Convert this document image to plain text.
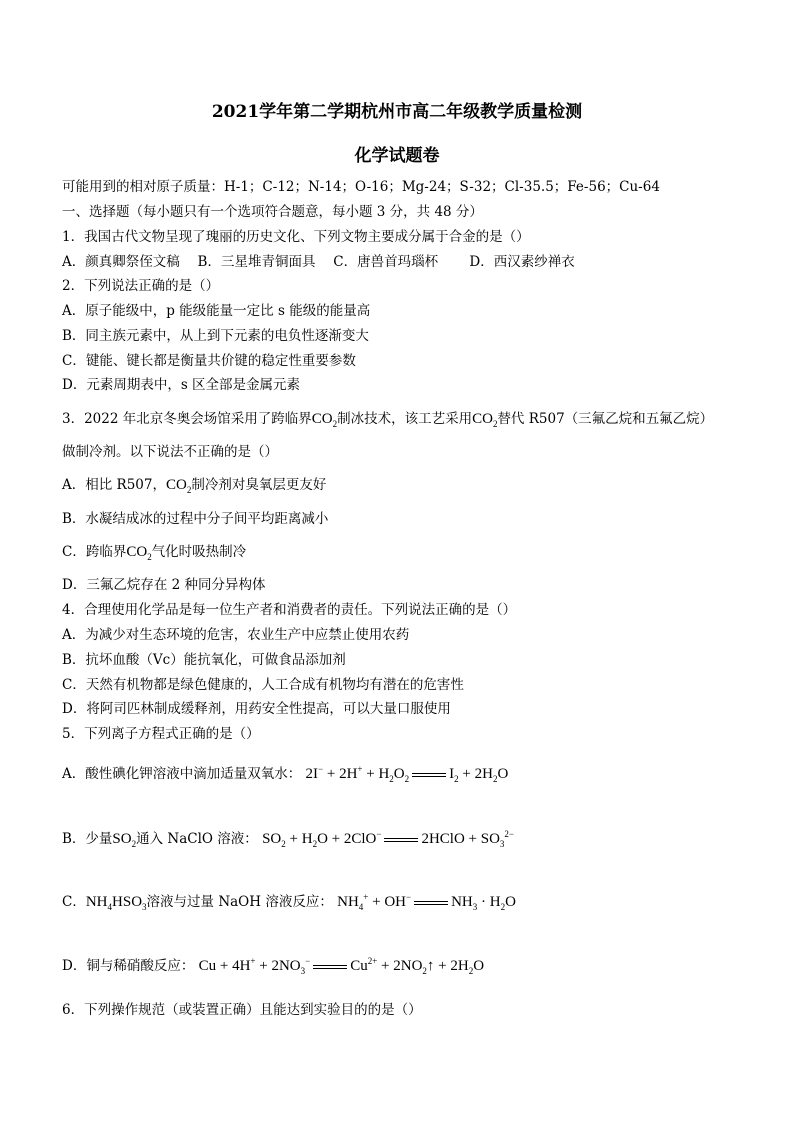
2021学年第二学期杭州市高二年级教学质量检测
化学试题卷
可能用到的相对原子质量：H-1；C-12；N-14；O-16；Mg-24；S-32；Cl-35.5；Fe-56；Cu-64
一、选择题（每小题只有一个选项符合题意，每小题 3 分，共 48 分）
1．我国古代文物呈现了瑰丽的历史文化、下列文物主要成分属于合金的是（）
A．颜真卿祭侄文稿　 B．三星堆青铜面具　 C．唐兽首玛瑙杯　　 D．西汉素纱禅衣
2．下列说法正确的是（）
A．原子能级中，p 能级能量一定比 s 能级的能量高
B．同主族元素中，从上到下元素的电负性逐渐变大
C．键能、键长都是衡量共价键的稳定性重要参数
D．元素周期表中，s 区全部是金属元素
3．2022 年北京冬奥会场馆采用了跨临界$CO_2$制冰技术，该工艺采用$CO_2$替代 R507（三氟乙烷和五氟乙烷）
做制冷剂。以下说法不正确的是（）
A．相比 R507，$CO_2$制冷剂对臭氧层更友好
B．水凝结成冰的过程中分子间平均距离减小
C．跨临界$CO_2$气化时吸热制冷
D．三氟乙烷存在 2 种同分异构体
4．合理使用化学品是每一位生产者和消费者的责任。下列说法正确的是（）
A．为减少对生态环境的危害，农业生产中应禁止使用农药
B．抗坏血酸（Vc）能抗氧化，可做食品添加剂
C．天然有机物都是绿色健康的，人工合成有机物均有潜在的危害性
D．将阿司匹林制成缓释剂，用药安全性提高，可以大量口服使用
5．下列离子方程式正确的是（）
A．酸性碘化钾溶液中滴加适量双氧水： $2I^- + 2H^+ + H_2O_2$	$I_2 + 2H_2O$
B．少量$SO_2$通入 NaClO 溶液： $SO_2 + H_2O + 2ClO^-$	2HClO + $SO_3^{2-}$
C．$NH_4HSO_3$溶液与过量 NaOH 溶液反应： $NH_4^+ + OH^-$	$NH_3 \cdot H_2O$
D．铜与稀硝酸反应： $Cu + 4H^+ + 2NO_3^-$	$Cu^{2+}$ + $2NO_2↑ + 2H_2O$
6．下列操作规范（或装置正确）且能达到实验目的的是（）
